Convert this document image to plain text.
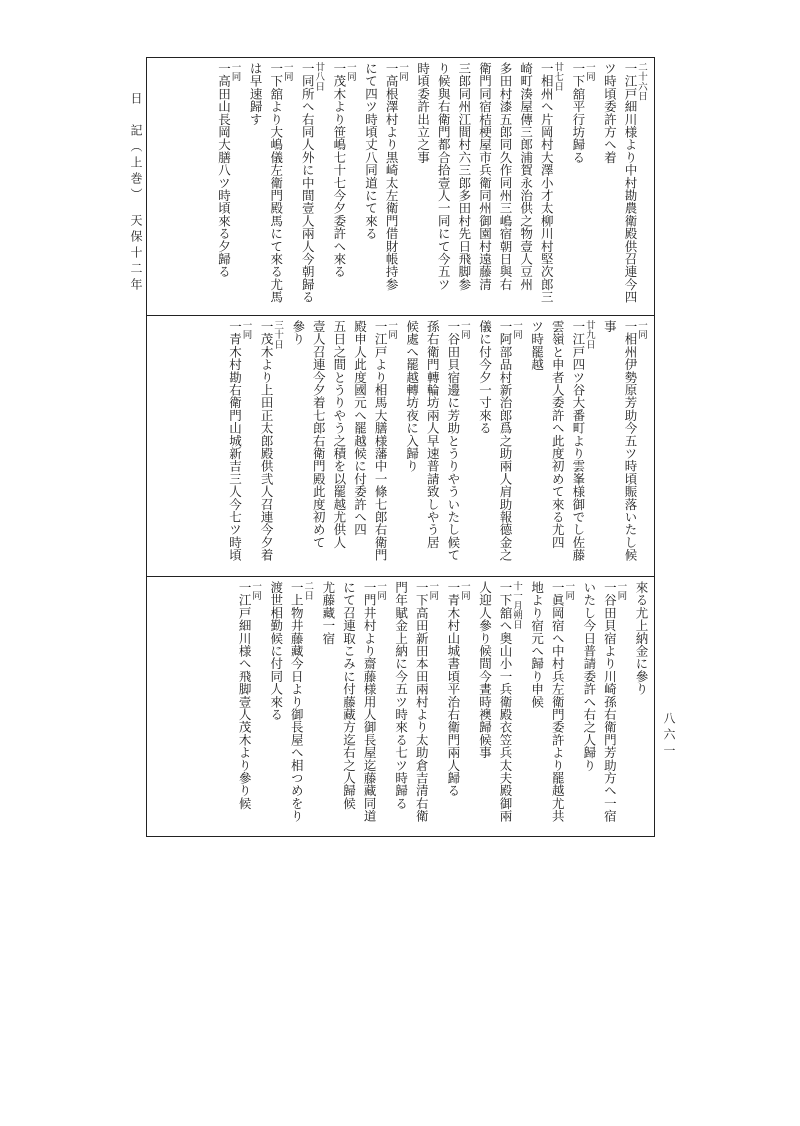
日　記（上巻）　天保十二年
八六一
二十六日
一江戸細川様より中村勘農衛殿供召連今四
ツ時頃委許方へ着
一同
一下舘平行坊歸る
廿七日
一相州へ片岡村大澤小才太柳川村堅次郎三
崎町湊屋傳三郎浦賀永治供之物壹人豆州
多田村漆五郎同久作同州三嶋宿朝日與右
衛門同宿桔梗屋市兵衛同州御園村遠藤清
三郎同州江間村六三郎多田村先日飛脚参
り候與右衛門都合拾壹人一同にて今五ツ
時頃委許出立之事
一同
一高根澤村より黒崎太左衛門借財帳持参
にて四ツ時頃丈八同道にて來る
一同
一茂木より笹嶋七十七今夕委許へ來る
廿八日
一同所へ右同人外に中間壹人兩人今朝歸る
一同
一下舘より大嶋儀左衛門殿馬にて來る尤馬
は早速歸す
一同
一高田山長岡大膳八ツ時頃來る夕歸る
一同
一相州伊勢原芳助今五ツ時頃賑落いたし候
事
廿九日
一江戸四ツ谷大番町より雲峯様御でし佐藤
雲嶺と申者人委許へ此度初めて來る尤四
ツ時罷越
一同
一阿部品村新治郎爲之助兩人肩助報德金之
儀に付今夕一寸來る
一同
一谷田貝宿邊に芳助とうりやういたし候て
孫右衛門轉輪坊兩人早速普請致しやう居
候處へ罷越轉坊夜に入歸り
一同
一江戸より相馬大膳様藩中一條七郎右衛門
殿申人此度國元へ罷越候に付委許へ四
五日之間とうりやう之積を以罷越尤供人
壹人召連今夕着七郎右衛門殿此度初めて
參り
三十日
一茂木より上田正太郎殿供弐人召連今夕着
一同
一青木村勘右衛門山城新吉三人今七ツ時頃
來る尤上納金に參り
一同
一谷田貝宿より川崎孫右衛門芳助方へ一宿
いたし今日普請委許へ右之人歸り
一同
一眞岡宿へ中村兵左衛門委許より罷越尤共
地より宿元へ歸り申候
十一月朔日
一下舘へ奥山小一兵衛殿衣笠兵太夫殿御兩
人迎人參り候間今晝時襖歸候事
一同
一青木村山城書頃平治右衛門兩人歸る
一同
一下高田新田本田兩村より太助倉吉清右衛
門年賦金上納に今五ツ時來る七ツ時歸る
一同
一門井村より齋藤様用人御長屋迄藤藏同道
にて召連取こみに付藤藏方迄右之人歸候
尤藤藏一宿
二日
一上物井藤藏今日より御長屋へ相つめをり
渡世相勤候に付同人來る
一同
一江戸細川様へ飛脚壹人茂木より參り候
